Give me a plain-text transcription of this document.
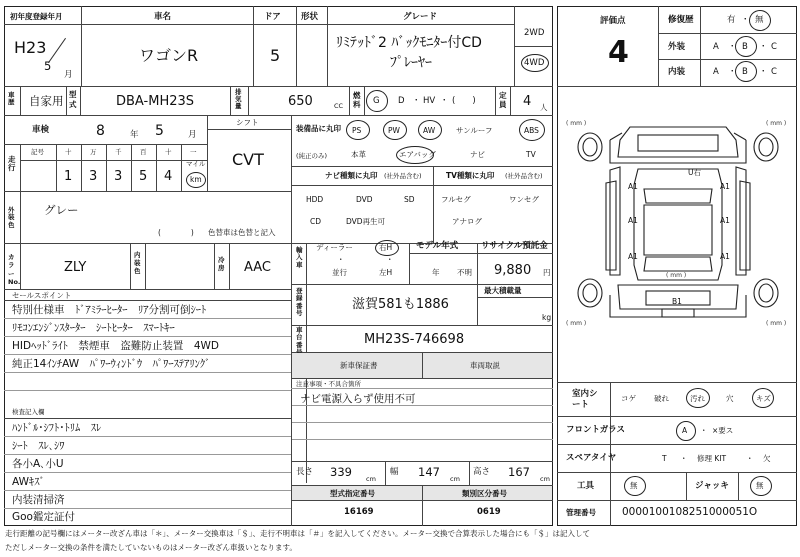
初年度登録年月
H23
5
月
車名
ワゴンR
ドア
5
形状	グレード
ﾘﾐﾃｯﾄﾞ2 ﾊﾞｯｸﾓﾆﾀｰ付CD
ﾌﾟﾚｰﾔｰ
2WD
4WD
車歴 自家用 型式	DBA-MH23S
排気量	650	CC
燃料 G D ・ HV ・ (　　)
定員 4 人
車検	8	年 5	月
シフト
CVT
走行
記号	十	万	千	百	十	一
1 3 3 5 4
マイル
km
装備品に丸印
(純正のみ)
PS	PW	AW	サンルーフ	ABS
本革	エアバッグ	ナビ	TV
ナビ種類に丸印 (社外品含む)
HDD	DVD	SD
CD	DVD再生可
TV種類に丸印 (社外品含む)
フルセグ	ワンセグ
アナログ
外装色
グレー
(　　　　) 色替車は色替と記入
カラーNo.
ZLY
内装色
冷房 AAC
輸入車
ディーラー
・
並行
右H
・
左H
モデル年式
年 不明
リサイクル預託金
9,880 円
登録番号
滋賀581も1886
最大積載量
kg
車台番	MH23S-746698
セールスポイント
特別仕様車　ﾄﾞｱﾐﾗｰﾋｰﾀｰ　ﾘｱ分割可倒ｼｰﾄ
ﾘﾓｺﾝｴﾝｼﾞﾝｽﾀｰﾀｰ　ｼｰﾄﾋｰﾀｰ　ｽﾏｰﾄｷｰ
HIDﾍｯﾄﾞﾗｲﾄ　禁煙車　盗難防止装置　4WD
純正14ｲﾝﾁAW　ﾊﾟﾜｰｳｨﾝﾄﾞｳ　ﾊﾟﾜｰｽﾃｱﾘﾝｸﾞ	新車保証書	車両取説
注意事項・不具合箇所
ナビ電源入らず使用不可
検査記入欄
ﾊﾝﾄﾞﾙ･ｼﾌﾄ･ﾄﾘﾑ　ｽﾚ
ｼｰﾄ　ｽﾚ､ｼﾜ
各小A､小U
AWｷｽﾞ
内装清掃済
Goo鑑定証付
長さ 339 cm
幅 147 cm
高さ 167 cm
型式指定番号
16169
類別区分番号
0619
評価点
4
修復歴	有 ・ 無
外装	A ・ B ・ C
内装	A ・ B ・ C
( mm )	( mm )
( mm )	( mm )
( mm )
U右
A1
A1
A1
A1
A1
A1
B1
室内シート
コゲ 破れ	汚れ	穴	キズ
フロントガラス	A ・ ×要ス
スペアタイヤ	T ・ 修理 KIT	・ 欠
工具	無	ジャッキ	無
管理番号 0000100108251000051O
走行距離の記号欄にはメーター改ざん車は「＊」、メーター交換車は「＄」、走行不明車は「＃」を記入してください。メーター交換で合算表示した場合にも「＄」は記入して
ただしメーター交換の条件を満たしていないものはメーター改ざん車扱いとなります。
